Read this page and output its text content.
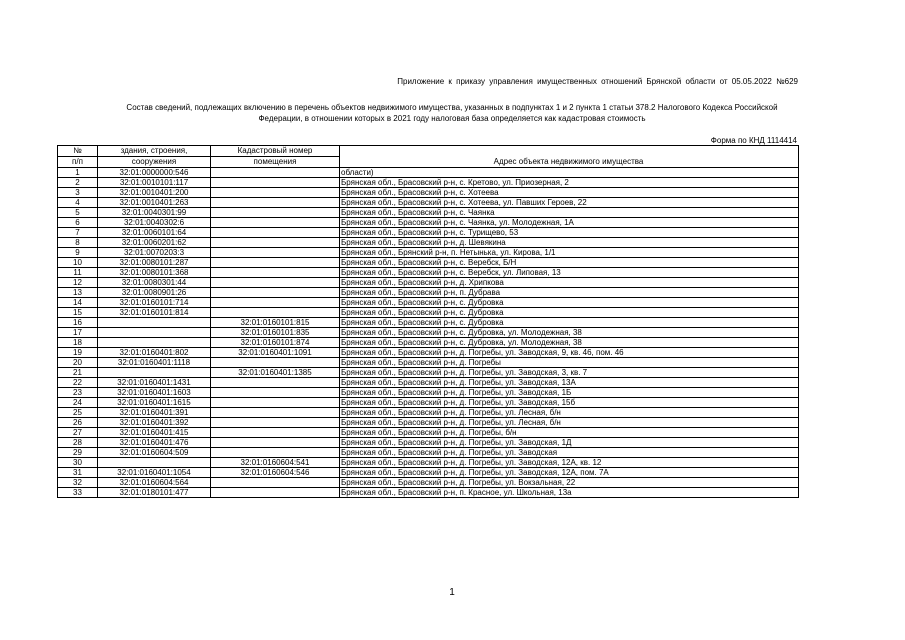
Приложение к приказу управления имущественных отношений Брянской области от 05.05.2022 №629
Состав сведений, подлежащих включению в перечень объектов недвижимого имущества, указанных в подпунктах 1 и 2 пункта 1 статьи 378.2 Налогового Кодекса Российской
Федерации, в отношении которых в 2021 году налоговая база определяется как кадастровая стоимость
Форма по КНД 1114414
№	здания, строения,	Кадастровый номер	Адрес объекта недвижимого имущества
п/п	сооружения	помещения	
1	32:01:0000000:546		области)
2	32:01:0010101:117		Брянская обл., Брасовский р-н, с. Кретово, ул. Приозерная, 2
3	32:01:0010401:200		Брянская обл., Брасовский р-н, с. Хотеева
4	32:01:0010401:263		Брянская обл., Брасовский р-н, с. Хотеева, ул. Павших Героев, 22
5	32:01:0040301:99		Брянская обл., Брасовский р-н, с. Чаянка
6	32:01:0040302:6		Брянская обл., Брасовский р-н, с. Чаянка, ул. Молодежная, 1А
7	32:01:0060101:64		Брянская обл., Брасовский р-н, с. Турищево, 53
8	32:01:0060201:62		Брянская обл., Брасовский р-н, д. Шевякина
9	32:01:0070203:3		Брянская обл., Брянский р-н, п. Нетынька, ул. Кирова, 1/1
10	32:01:0080101:287		Брянская обл., Брасовский р-н, с. Веребск, Б/Н
11	32:01:0080101:368		Брянская обл., Брасовский р-н, с. Веребск, ул. Липовая, 13
12	32:01:0080301:44		Брянская обл., Брасовский р-н, д. Хрипкова
13	32:01:0080901:26		Брянская обл., Брасовский р-н, п. Дубрава
14	32:01:0160101:714		Брянская обл., Брасовский р-н, с. Дубровка
15	32:01:0160101:814		Брянская обл., Брасовский р-н, с. Дубровка
16		32:01:0160101:815	Брянская обл., Брасовский р-н, с. Дубровка
17		32:01:0160101:835	Брянская обл., Брасовский р-н, с. Дубровка, ул. Молодежная, 38
18		32:01:0160101:874	Брянская обл., Брасовский р-н, с. Дубровка, ул. Молодежная, 38
19	32:01:0160401:802	32:01:0160401:1091	Брянская обл., Брасовский р-н, д. Погребы, ул. Заводская, 9, кв. 46, пом. 46
20	32:01:0160401:1118		Брянская обл., Брасовский р-н, д. Погребы
21		32:01:0160401:1385	Брянская обл., Брасовский р-н, д. Погребы, ул. Заводская, 3, кв. 7
22	32:01:0160401:1431		Брянская обл., Брасовский р-н, д. Погребы, ул. Заводская, 13А
23	32:01:0160401:1603		Брянская обл., Брасовский р-н, д. Погребы, ул. Заводская, 1Б
24	32:01:0160401:1615		Брянская обл., Брасовский р-н, д. Погребы, ул. Заводская, 15б
25	32:01:0160401:391		Брянская обл., Брасовский р-н, д. Погребы, ул. Лесная, б/н
26	32:01:0160401:392		Брянская обл., Брасовский р-н, д. Погребы, ул. Лесная, б/н
27	32:01:0160401:415		Брянская обл., Брасовский р-н, д. Погребы, б/н
28	32:01:0160401:476		Брянская обл., Брасовский р-н, д. Погребы, ул. Заводская, 1Д
29	32:01:0160604:509		Брянская обл., Брасовский р-н, д. Погребы, ул. Заводская
30		32:01:0160604:541	Брянская обл., Брасовский р-н, д. Погребы, ул. Заводская, 12А, кв. 12
31	32:01:0160401:1054	32:01:0160604:546	Брянская обл., Брасовский р-н, д. Погребы, ул. Заводская, 12А, пом. 7А
32	32:01:0160604:564		Брянская обл., Брасовский р-н, д. Погребы, ул. Вокзальная, 22
33	32:01:0180101:477		Брянская обл., Брасовский р-н, п. Красное, ул. Школьная, 13а
1
